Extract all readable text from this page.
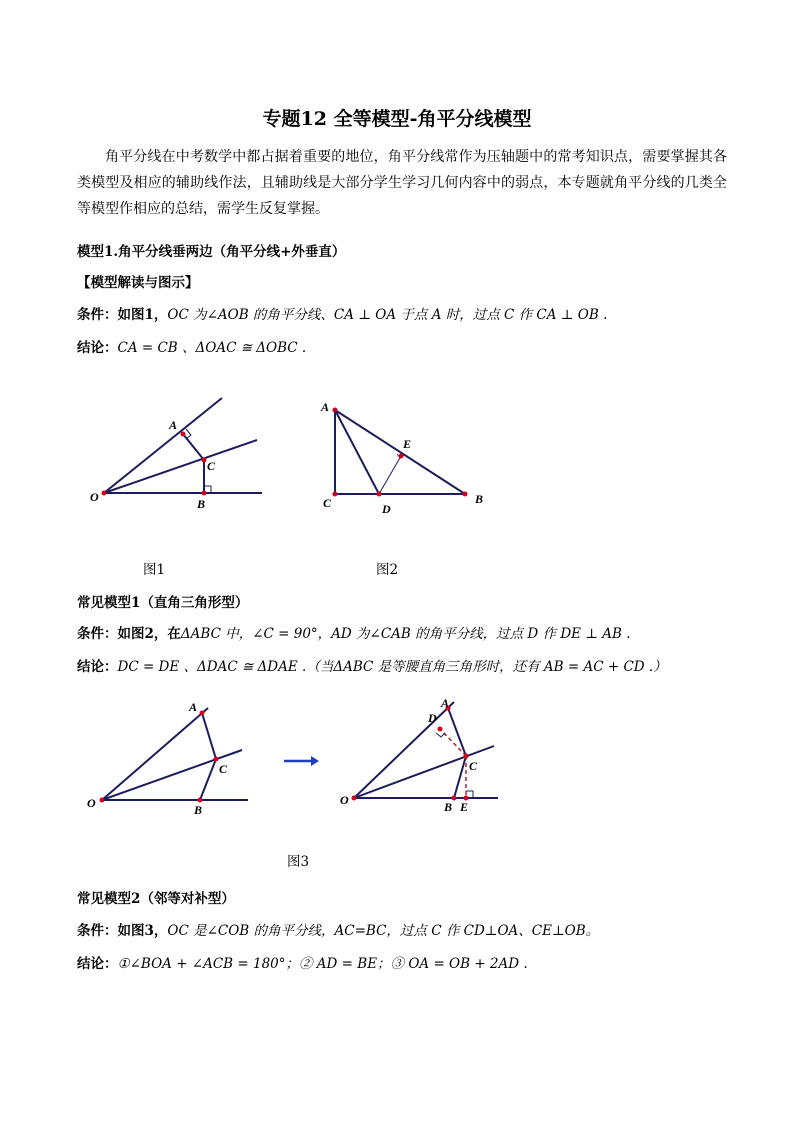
专题12 全等模型-角平分线模型
角平分线在中考数学中都占据着重要的地位，角平分线常作为压轴题中的常考知识点，需要掌握其各类模型及相应的辅助线作法，且辅助线是大部分学生学习几何内容中的弱点，本专题就角平分线的几类全等模型作相应的总结，需学生反复掌握。
模型1.角平分线垂两边（角平分线+外垂直）
【模型解读与图示】
条件：如图1，OC 为∠AOB 的角平分线、CA ⊥ OA 于点 A 时，过点 C 作 CA ⊥ OB .
结论：CA = CB 、ΔOAC ≅ ΔOBC .
O
A
C
B
A
E
C	D
B
图1	图2
常见模型1（直角三角形型）
条件：如图2，在ΔABC 中，∠C = 90°，AD 为∠CAB 的角平分线，过点 D 作 DE ⊥ AB .
结论：DC = DE 、ΔDAC ≅ ΔDAE .（当ΔABC 是等腰直角三角形时，还有 AB = AC + CD .）
O
A
C
B
O
A
D
C
B E
图3
常见模型2（邻等对补型）
条件：如图3，OC 是∠COB 的角平分线，AC=BC，过点 C 作 CD⊥OA、CE⊥OB。
结论：①∠BOA + ∠ACB = 180°；② AD = BE；③ OA = OB + 2AD .
